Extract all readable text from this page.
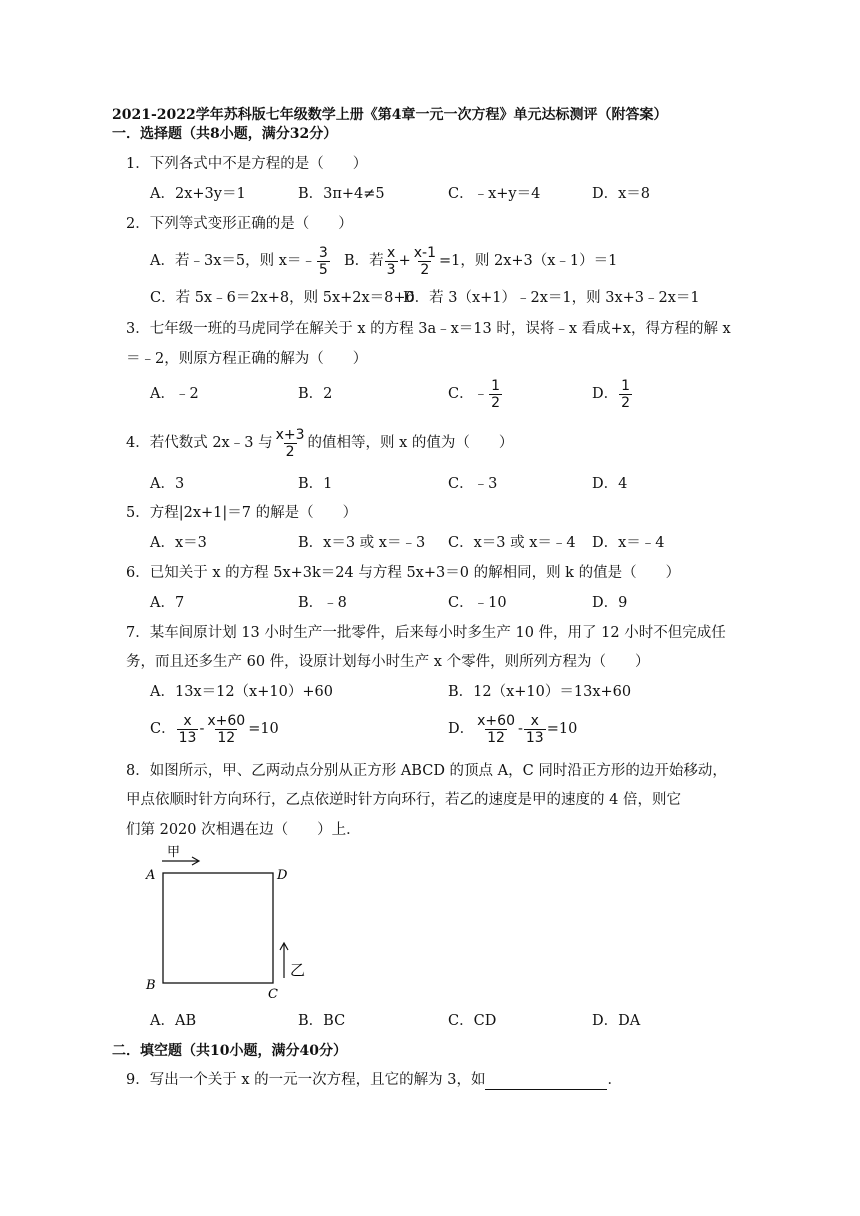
2021-2022学年苏科版七年级数学上册《第4章一元一次方程》单元达标测评（附答案）
一．选择题（共8小题，满分32分）
1．下列各式中不是方程的是（　　）
A．2x+3y＝1	B．3π+4≠5	C．﹣x+y＝4	D．x＝8
2．下列等式变形正确的是（　　）
A．若﹣3x＝5，则 x＝﹣ $\frac{3}{5}$ B．若 $\frac{x}{3} + \frac{x-1}{2} =1$，则 2x+3（x﹣1）＝1
C．若 5x﹣6＝2x+8，则 5x+2x＝8+6
D．若 3（x+1）﹣2x＝1，则 3x+3﹣2x＝1
3．七年级一班的马虎同学在解关于 x 的方程 3a﹣x＝13 时，误将﹣x 看成+x，得方程的解 x
＝﹣2，则原方程正确的解为（　　）
A．﹣2	B．2	C．﹣ $\frac{1}{2}$	D． $\frac{1}{2}$
4．若代数式 2x﹣3 与 $\frac{x+3}{2}$ 的值相等，则 x 的值为（　　）
A．3	B．1	C．﹣3	D．4
5．方程|2x+1|＝7 的解是（　　）
A．x＝3	B．x＝3 或 x＝﹣3 C．x＝3 或 x＝﹣4 D．x＝﹣4
6．已知关于 x 的方程 5x+3k＝24 与方程 5x+3＝0 的解相同，则 k 的值是（　　）
A．7	B．﹣8	C．﹣10	D．9
7．某车间原计划 13 小时生产一批零件，后来每小时多生产 10 件，用了 12 小时不但完成任
务，而且还多生产 60 件，设原计划每小时生产 x 个零件，则所列方程为（　　）
A．13x＝12（x+10）+60	B．12（x+10）＝13x+60
C． $\frac{x}{13} - \frac{x+60}{12} =10$	D． $\frac{x+60}{12} - \frac{x}{13} =10$
8．如图所示，甲、乙两动点分别从正方形 ABCD 的顶点 A，C 同时沿正方形的边开始移动，
甲点依顺时针方向环行，乙点依逆时针方向环行，若乙的速度是甲的速度的 4 倍，则它
们第 2020 次相遇在边（　　）上．
A	D
B
C
甲
乙
A．AB	B．BC	C．CD	D．DA
二．填空题（共10小题，满分40分）
9．写出一个关于 x 的一元一次方程，且它的解为 3，如	．
